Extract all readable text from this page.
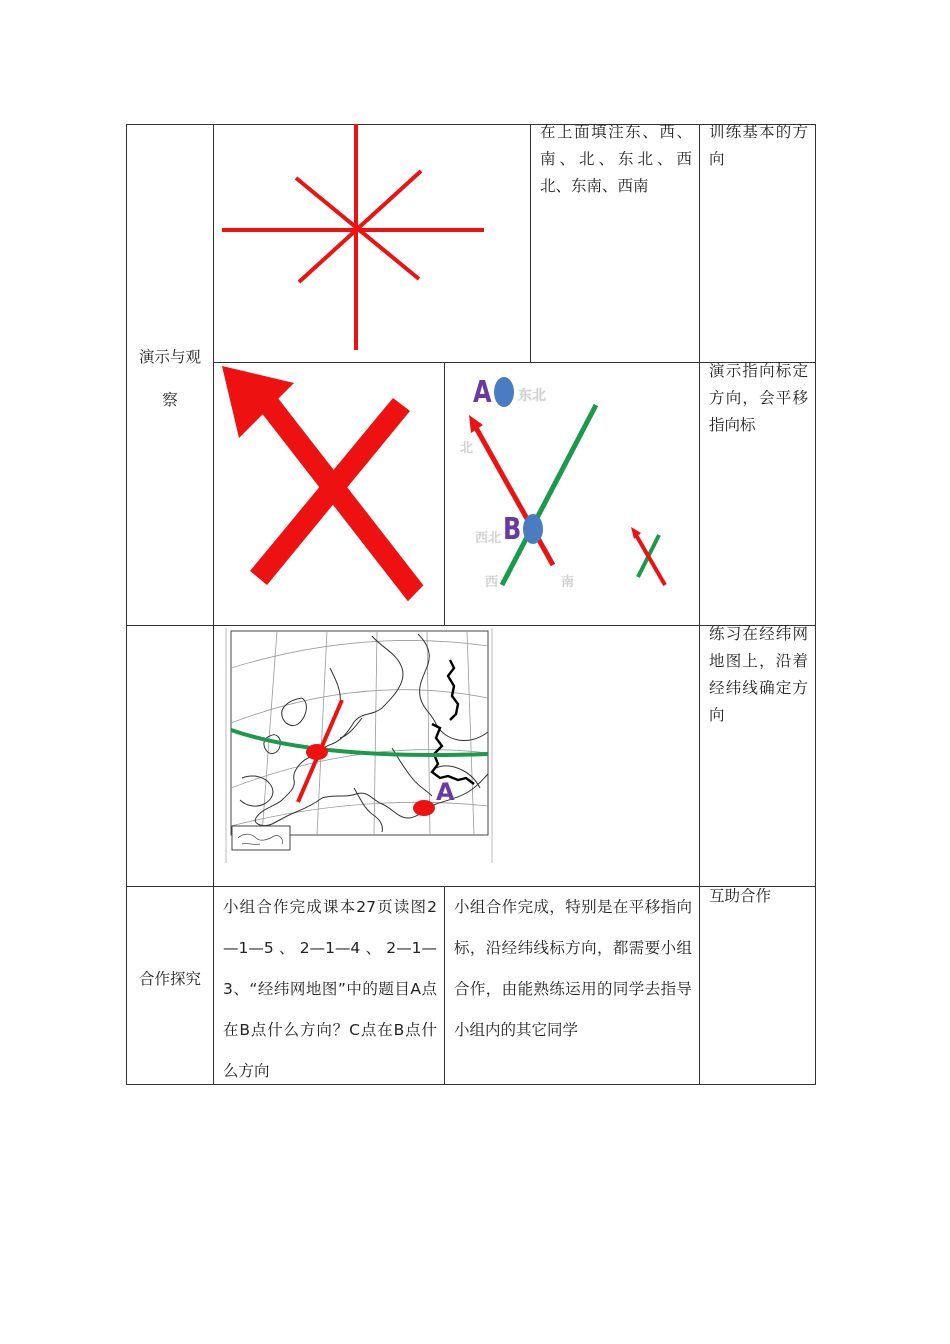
演示与观察
合作探究
在上面填注东、西、南、北、东北、西北、东南、西南
训练基本的方向
演示指向标定方向，会平移指向标
练习在经纬网地图上，沿着经纬线确定方向
小组合作完成课本27页读图2—1—5、2—1—4、2—1—3、“经纬网地图”中的题目A点在B点什么方向？C点在B点什么方向
小组合作完成，特别是在平移指向标，沿经纬线标方向，都需要小组合作，由能熟练运用的同学去指导小组内的其它同学
互助合作
A 东北
北
B
西北
西	南
A
